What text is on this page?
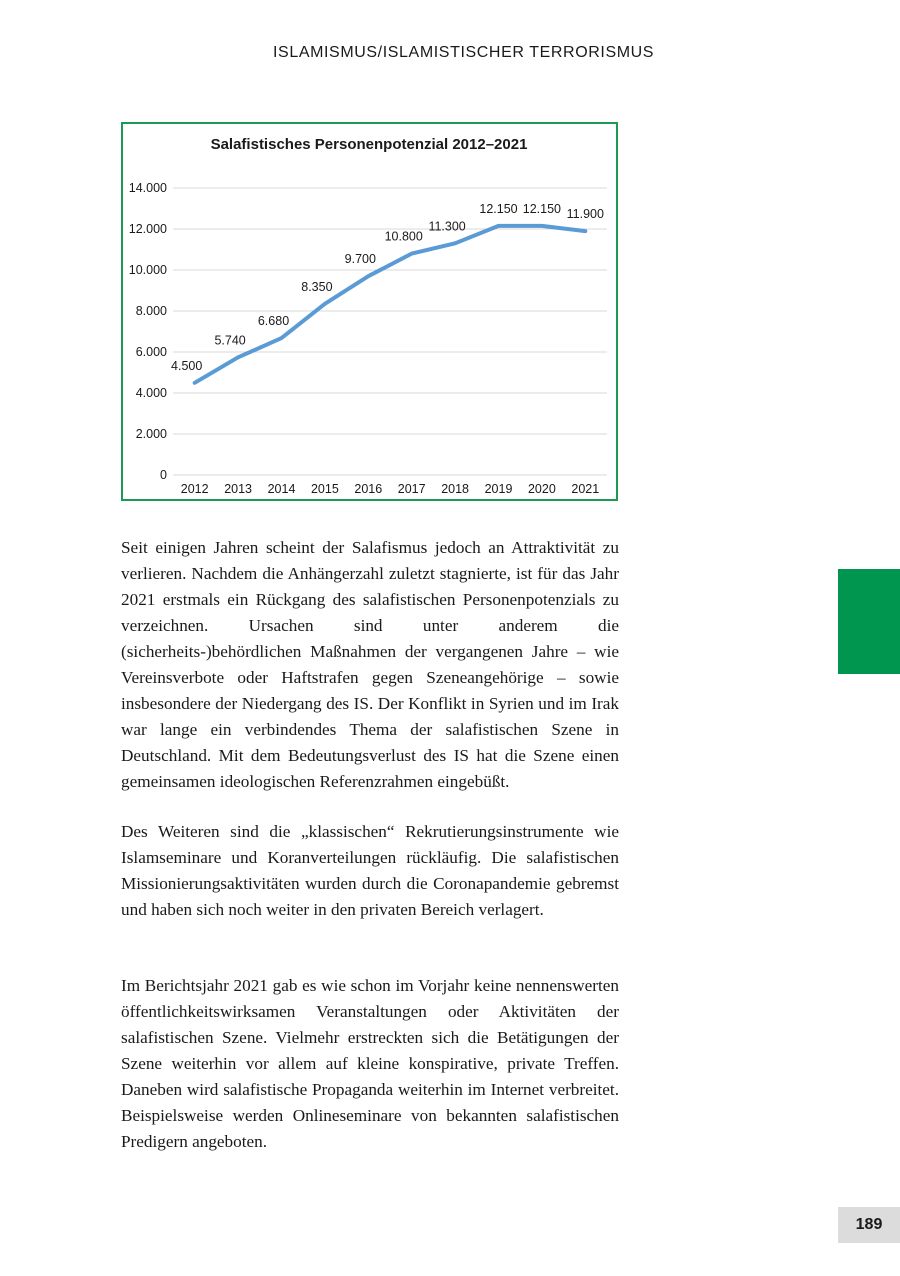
ISLAMISMUS/ISLAMISTISCHER TERRORISMUS
Salafistisches Personenpotenzial 2012–2021
0
2.000
4.000
6.000
8.000
10.000
12.000
14.000
2012 2013 2014 2015 2016 2017 2018 2019 2020 2021
4.500
5.740
6.680
8.350
9.700
10.800
11.300
12.150 12.150 11.900

Seit einigen Jahren scheint der Salafismus jedoch an Attraktivität zu verlieren. Nachdem die Anhängerzahl zuletzt stagnierte, ist für das Jahr 2021 erstmals ein Rückgang des salafistischen Personenpotenzials zu verzeichnen. Ursachen sind unter anderem die (sicherheits-)behördlichen Maßnahmen der vergangenen Jahre – wie Vereinsverbote oder Haftstrafen gegen Szeneangehörige – sowie insbesondere der Niedergang des IS. Der Konflikt in Syrien und im Irak war lange ein verbindendes Thema der salafistischen Szene in Deutschland. Mit dem Bedeutungsverlust des IS hat die Szene einen gemeinsamen ideologischen Referenzrahmen eingebüßt.

Des Weiteren sind die „klassischen“ Rekrutierungsinstrumente wie Islamseminare und Koranverteilungen rückläufig. Die salafistischen Missionierungsaktivitäten wurden durch die Coronapandemie gebremst und haben sich noch weiter in den privaten Bereich verlagert.

Im Berichtsjahr 2021 gab es wie schon im Vorjahr keine nennenswerten öffentlichkeitswirksamen Veranstaltungen oder Aktivitäten der salafistischen Szene. Vielmehr erstreckten sich die Betätigungen der Szene weiterhin vor allem auf kleine konspirative, private Treffen. Daneben wird salafistische Propaganda weiterhin im Internet verbreitet. Beispielsweise werden Onlineseminare von bekannten salafistischen Predigern angeboten.

189
